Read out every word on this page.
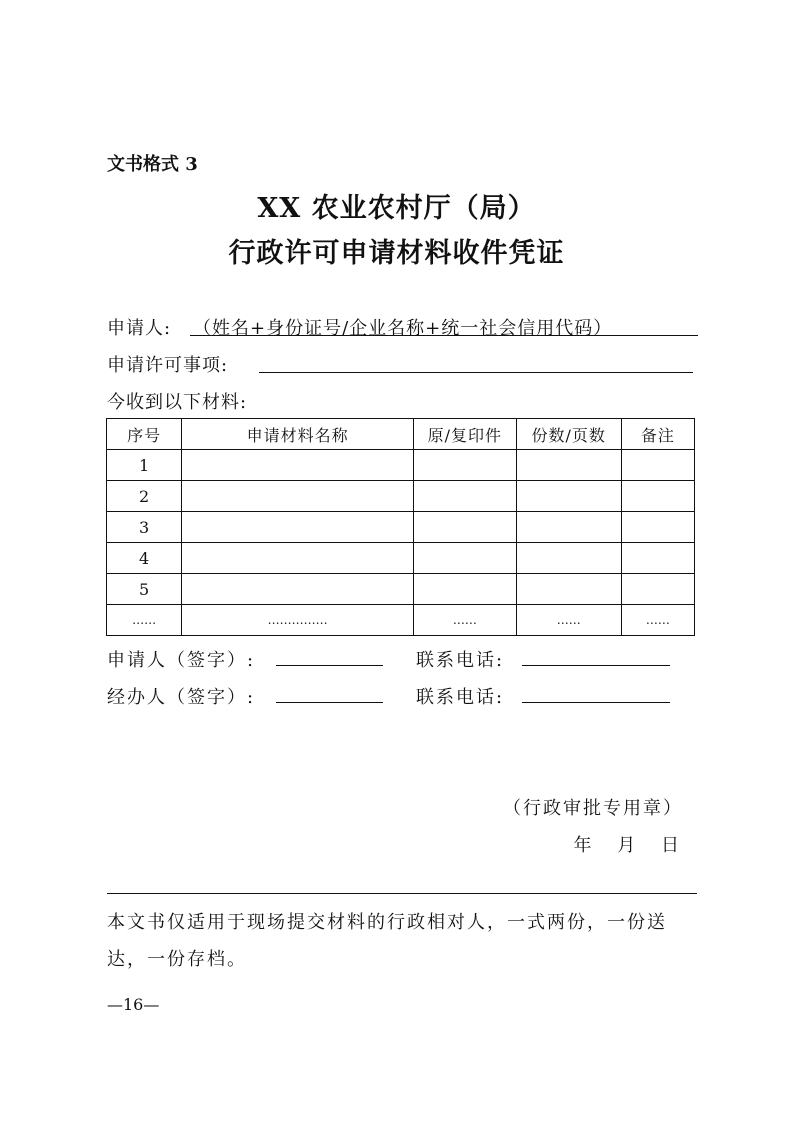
文书格式 3
XX 农业农村厅（局）
行政许可申请材料收件凭证
申请人: （姓名+身份证号/企业名称+统一社会信用代码）
申请许可事项:
今收到以下材料:
序号	申请材料名称	原/复印件	份数/页数	备注
1				
2				
3				
4				
5				
……	……………	……	……	……
申请人（签字）:	联系电话:
经办人（签字）:	联系电话:
（行政审批专用章）
年 月 日
本文书仅适用于现场提交材料的行政相对人，一式两份，一份送达，一份存档。
—16—
